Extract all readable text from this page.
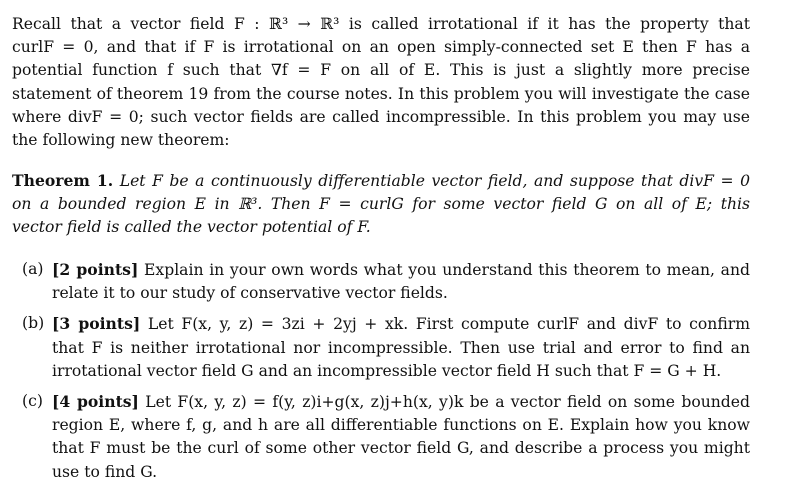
Recall that a vector field F : ℝ³ → ℝ³ is called irrotational if it has the property that
curlF = 0, and that if F is irrotational on an open simply-connected set E then F has a
potential function f such that ∇f = F on all of E. This is just a slightly more precise
statement of theorem 19 from the course notes. In this problem you will investigate the case
where divF = 0; such vector fields are called incompressible. In this problem you may use
the following new theorem:
Theorem 1. Let F be a continuously differentiable vector field, and suppose that divF = 0
on a bounded region E in ℝ³. Then F = curlG for some vector field G on all of E; this
vector field is called the vector potential of F.
(a) [2 points] Explain in your own words what you understand this theorem to mean, and
relate it to our study of conservative vector fields.
(b) [3 points] Let F(x, y, z) = 3zi + 2yj + xk. First compute curlF and divF to confirm
that F is neither irrotational nor incompressible. Then use trial and error to find an
irrotational vector field G and an incompressible vector field H such that F = G + H.
(c) [4 points] Let F(x, y, z) = f(y, z)i+g(x, z)j+h(x, y)k be a vector field on some bounded
region E, where f, g, and h are all differentiable functions on E. Explain how you know
that F must be the curl of some other vector field G, and describe a process you might
use to find G.
